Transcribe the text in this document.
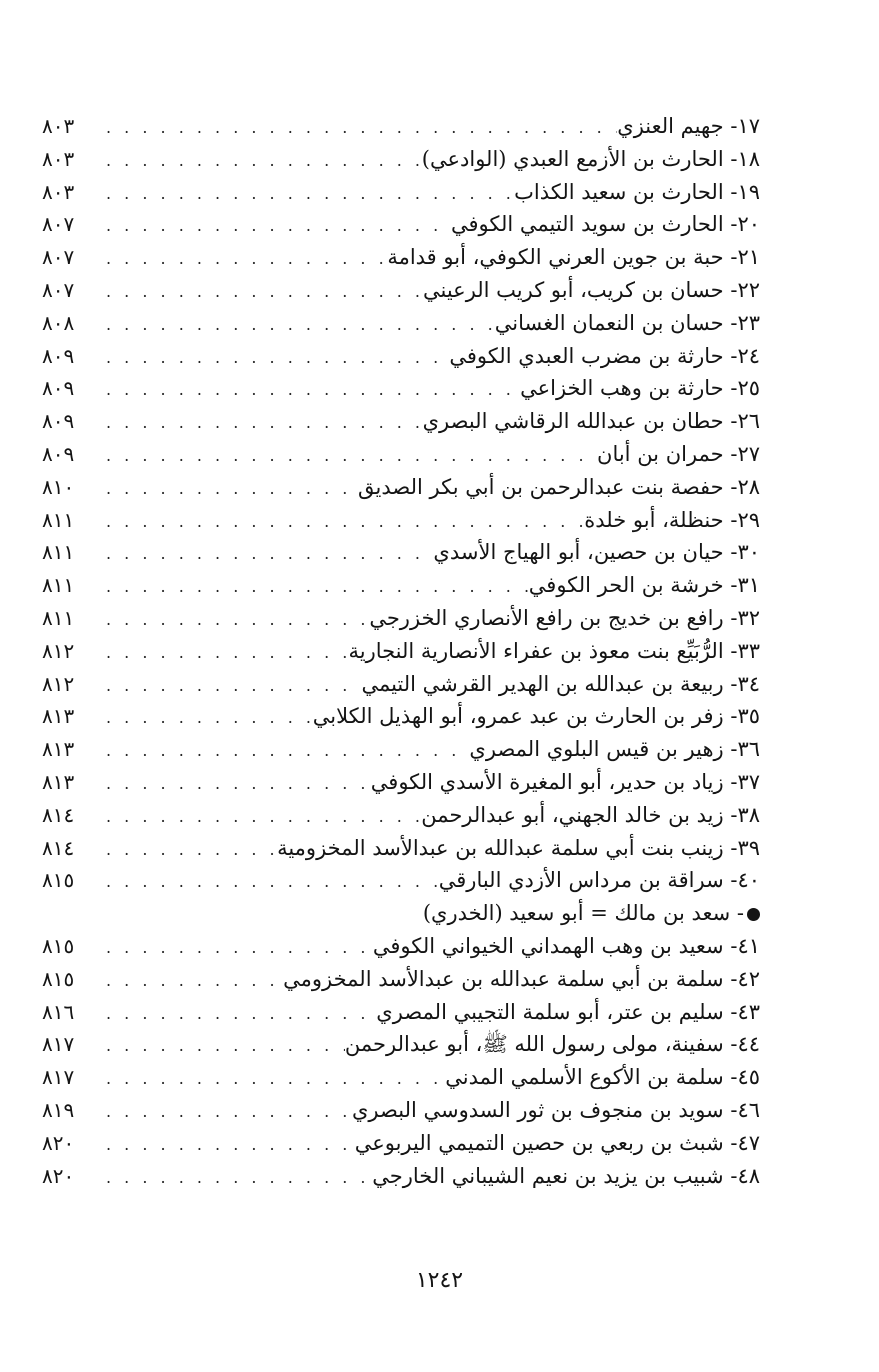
١٧- جهيم العنزي
. . .
٨٠٣
١٨- الحارث بن الأزمع العبدي (الوادعي)
. . .
٨٠٣
١٩- الحارث بن سعيد الكذاب
. . .
٨٠٣
٢٠- الحارث بن سويد التيمي الكوفي
. . .
٨٠٧
٢١- حبة بن جوين العرني الكوفي، أبو قدامة
. . .
٨٠٧
٢٢- حسان بن كريب، أبو كريب الرعيني
. . .
٨٠٧
٢٣- حسان بن النعمان الغساني
. . .
٨٠٨
٢٤- حارثة بن مضرب العبدي الكوفي
. . .
٨٠٩
٢٥- حارثة بن وهب الخزاعي
. . .
٨٠٩
٢٦- حطان بن عبدالله الرقاشي البصري
. . .
٨٠٩
٢٧- حمران بن أبان
. . .
٨٠٩
٢٨- حفصة بنت عبدالرحمن بن أبي بكر الصديق
. . .
٨١٠
٢٩- حنظلة، أبو خلدة
. . .
٨١١
٣٠- حيان بن حصين، أبو الهياج الأسدي
. . .
٨١١
٣١- خرشة بن الحر الكوفي
. . .
٨١١
٣٢- رافع بن خديج بن رافع الأنصاري الخزرجي
. . .
٨١١
٣٣- الرُّبَيِّع بنت معوذ بن عفراء الأنصارية النجارية
. . .
٨١٢
٣٤- ربيعة بن عبدالله بن الهدير القرشي التيمي
. . .
٨١٢
٣٥- زفر بن الحارث بن عبد عمرو، أبو الهذيل الكلابي
. . .
٨١٣
٣٦- زهير بن قيس البلوي المصري
. . .
٨١٣
٣٧- زياد بن حدير، أبو المغيرة الأسدي الكوفي
. . .
٨١٣
٣٨- زيد بن خالد الجهني، أبو عبدالرحمن
. . .
٨١٤
٣٩- زينب بنت أبي سلمة عبدالله بن عبدالأسد المخزومية
. . .
٨١٤
٤٠- سراقة بن مرداس الأزدي البارقي
. . .
٨١٥
- سعد بن مالك = أبو سعيد (الخدري)
٤١- سعيد بن وهب الهمداني الخيواني الكوفي
. . .
٨١٥
٤٢- سلمة بن أبي سلمة عبدالله بن عبدالأسد المخزومي
. . .
٨١٥
٤٣- سليم بن عتر، أبو سلمة التجيبي المصري
. . .
٨١٦
٤٤- سفينة، مولى رسول الله ﷺ، أبو عبدالرحمن
. . .
٨١٧
٤٥- سلمة بن الأكوع الأسلمي المدني
. . .
٨١٧
٤٦- سويد بن منجوف بن ثور السدوسي البصري
. . .
٨١٩
٤٧- شبث بن ربعي بن حصين التميمي اليربوعي
. . .
٨٢٠
٤٨- شبيب بن يزيد بن نعيم الشيباني الخارجي
. . .
٨٢٠
١٢٤٢
